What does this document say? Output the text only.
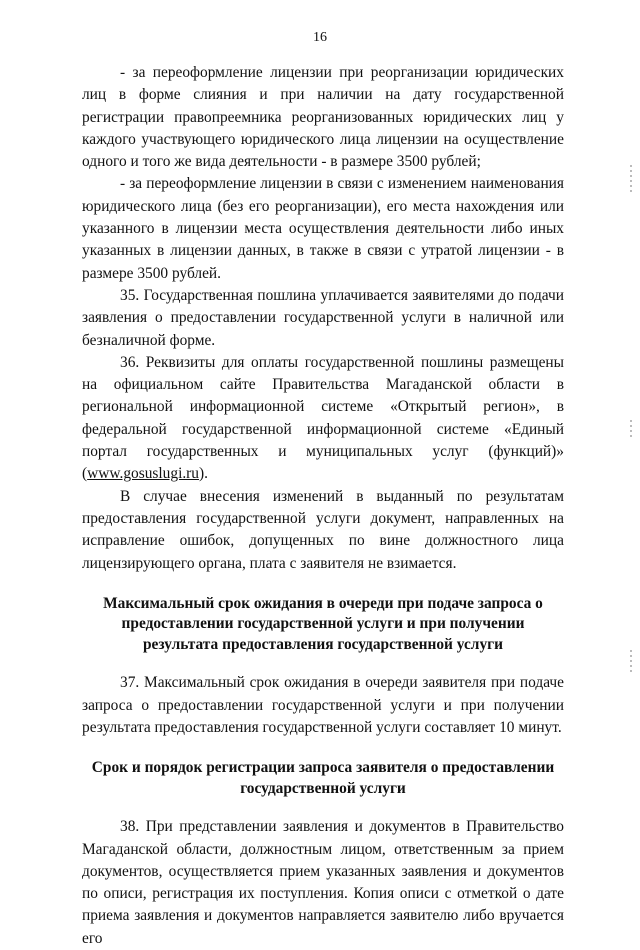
16

- за переоформление лицензии при реорганизации юридических лиц в форме слияния и при наличии на дату государственной регистрации правопреемника реорганизованных юридических лиц у каждого участвующего юридического лица лицензии на осуществление одного и того же вида деятельности - в размере 3500 рублей;

- за переоформление лицензии в связи с изменением наименования юридического лица (без его реорганизации), его места нахождения или указанного в лицензии места осуществления деятельности либо иных указанных в лицензии данных, в также в связи с утратой лицензии - в размере 3500 рублей.

35. Государственная пошлина уплачивается заявителями до подачи заявления о предоставлении государственной услуги в наличной или безналичной форме.

36. Реквизиты для оплаты государственной пошлины размещены на официальном сайте Правительства Магаданской области в региональной информационной системе «Открытый регион», в федеральной государственной информационной системе «Единый портал государственных и муниципальных услуг (функций)» (www.gosuslugi.ru).

В случае внесения изменений в выданный по результатам предоставления государственной услуги документ, направленных на исправление ошибок, допущенных по вине должностного лица лицензирующего органа, плата с заявителя не взимается.

Максимальный срок ожидания в очереди при подаче запроса о предоставлении государственной услуги и при получении результата предоставления государственной услуги

37. Максимальный срок ожидания в очереди заявителя при подаче запроса о предоставлении государственной услуги и при получении результата предоставления государственной услуги составляет 10 минут.

Срок и порядок регистрации запроса заявителя о предоставлении государственной услуги

38. При представлении заявления и документов в Правительство Магаданской области, должностным лицом, ответственным за прием документов, осуществляется прием указанных заявления и документов по описи, регистрация их поступления. Копия описи с отметкой о дате приема заявления и документов направляется заявителю либо вручается его
